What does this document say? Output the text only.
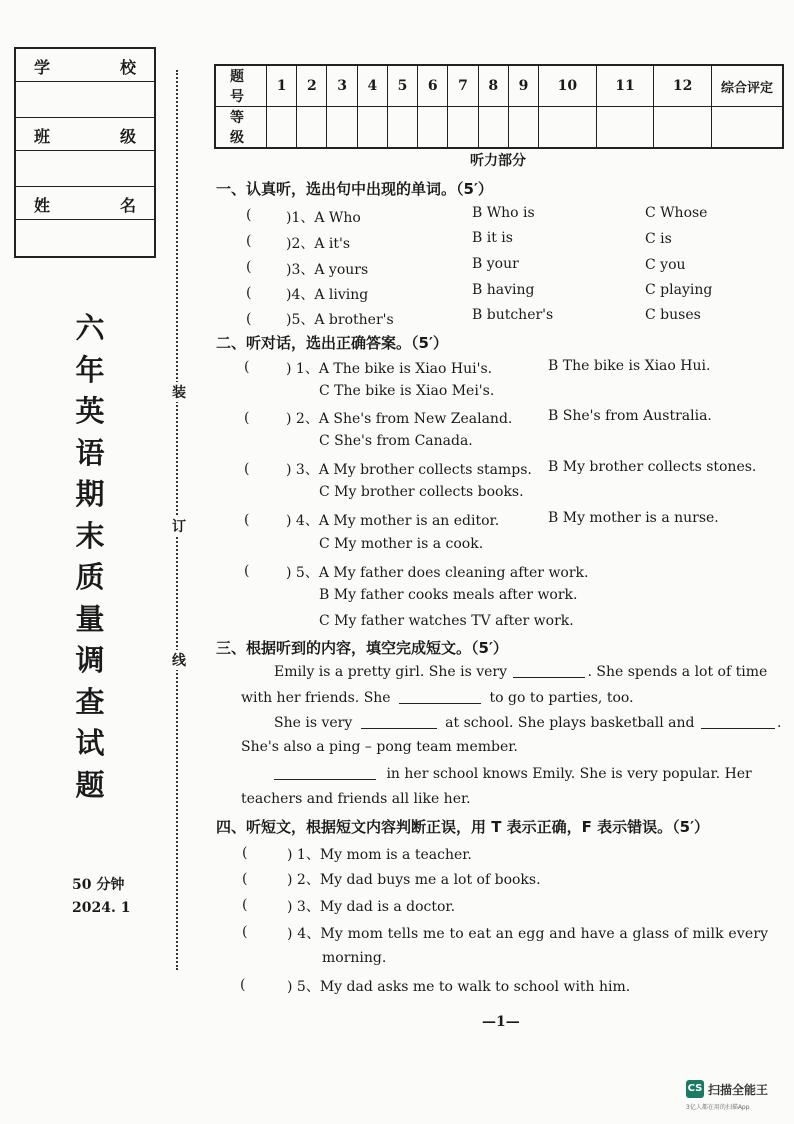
学	校
班	级
姓	名
六
年
英
语
期
末
质
量
调
查
试
题
50 分钟
2024. 1
装
订
线
题 号	1	2	3	4	5	6	7	8	9	10	11	12	综合评定
等 级													
听力部分
一、认真听，选出句中出现的单词。（5′）
( )1、A Who	B Who is	C Whose
( )2、A it's	B it is	C is
( )3、A yours	B your	C you
( )4、A living	B having	C playing
( )5、A brother's	B butcher's	C buses
二、听对话，选出正确答案。（5′）
(	) 1、A The bike is Xiao Hui's.	B The bike is Xiao Hui.
C The bike is Xiao Mei's.
(	) 2、A She's from New Zealand.	B She's from Australia.
C She's from Canada.
(	) 3、A My brother collects stamps. B My brother collects stones.
C My brother collects books.
(	) 4、A My mother is an editor.	B My mother is a nurse.
C My mother is a cook.
(	) 5、A My father does cleaning after work.
B My father cooks meals after work.
C My father watches TV after work.
三、根据听到的内容，填空完成短文。（5′）
Emily is a pretty girl. She is very	. She spends a lot of time
with her friends. She	to go to parties, too.
She is very	at school. She plays basketball and	.
She's also a ping – pong team member.
in her school knows Emily. She is very popular. Her
teachers and friends all like her.
四、听短文，根据短文内容判断正误，用 T 表示正确，F 表示错误。（5′）
(	) 1、My mom is a teacher.
(	) 2、My dad buys me a lot of books.
(	) 3、My dad is a doctor.
(	) 4、My mom tells me to eat an egg and have a glass of milk every
morning.
(	) 5、My dad asks me to walk to school with him.
—1—
CS 扫描全能王
3亿人都在用的扫描App
